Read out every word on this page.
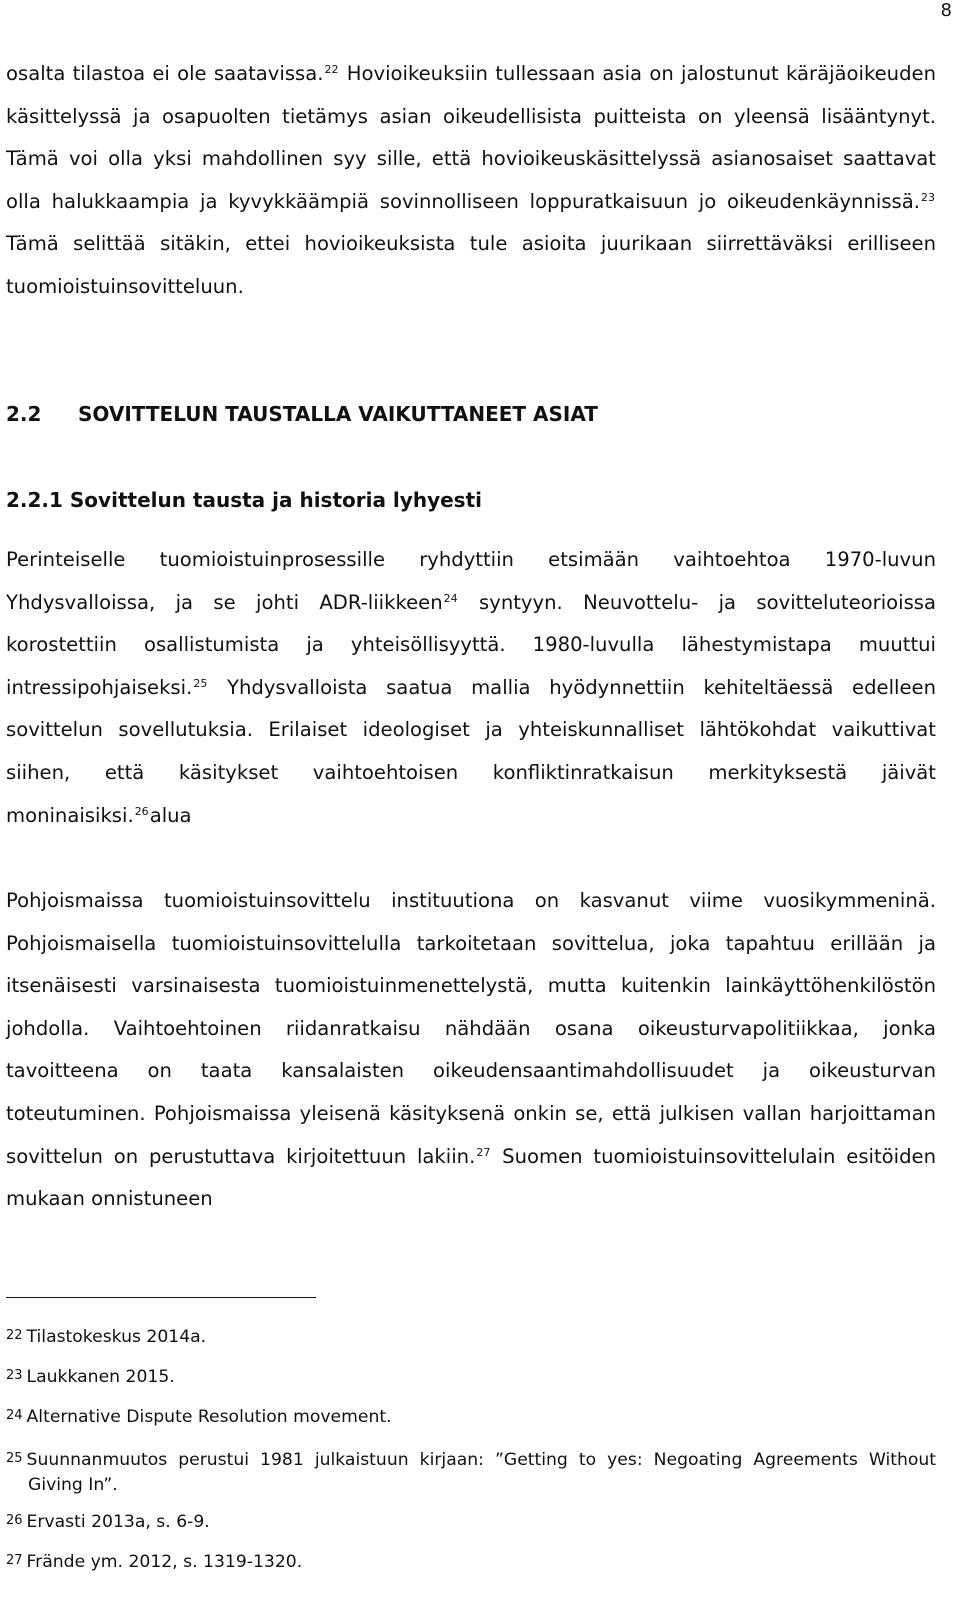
8

osalta tilastoa ei ole saatavissa.$^{22}$ Hovioikeuksiin tullessaan asia on jalostunut käräjäoikeuden käsittelyssä ja osapuolten tietämys asian oikeudellisista puitteista on yleensä lisääntynyt. Tämä voi olla yksi mahdollinen syy sille, että hovioikeuskäsittelyssä asianosaiset saattavat olla halukkaampia ja kyvykkäämpiä sovinnolliseen loppuratkaisuun jo oikeudenkäynnissä.$^{23}$ Tämä selittää sitäkin, ettei hovioikeuksista tule asioita juurikaan siirrettäväksi erilliseen tuomioistuinsovitteluun.

2.2 SOVITTELUN TAUSTALLA VAIKUTTANEET ASIAT
2.2.1 Sovittelun tausta ja historia lyhyesti

Perinteiselle tuomioistuinprosessille ryhdyttiin etsimään vaihtoehtoa 1970-luvun Yhdysvalloissa, ja se johti ADR-liikkeen$^{24}$ syntyyn. Neuvottelu- ja sovitteluteorioissa korostettiin osallistumista ja yhteisöllisyyttä. 1980-luvulla lähestymistapa muuttui intressipohjaiseksi.$^{25}$ Yhdysvalloista saatua mallia hyödynnettiin kehiteltäessä edelleen sovittelun sovellutuksia. Erilaiset ideologiset ja yhteiskunnalliset lähtökohdat vaikuttivat siihen, että käsitykset vaihtoehtoisen konfliktinratkaisun merkityksestä jäivät moninaisiksi.$^{26}$alua

Pohjoismaissa tuomioistuinsovittelu instituutiona on kasvanut viime vuosikymmeninä. Pohjoismaisella tuomioistuinsovittelulla tarkoitetaan sovittelua, joka tapahtuu erillään ja itsenäisesti varsinaisesta tuomioistuinmenettelystä, mutta kuitenkin lainkäyttöhenkilöstön johdolla. Vaihtoehtoinen riidanratkaisu nähdään osana oikeusturvapolitiikkaa, jonka tavoitteena on taata kansalaisten oikeudensaantimahdollisuudet ja oikeusturvan toteutuminen. Pohjoismaissa yleisenä käsityksenä onkin se, että julkisen vallan harjoittaman sovittelun on perustuttava kirjoitettuun lakiin.$^{27}$ Suomen tuomioistuinsovittelulain esitöiden mukaan onnistuneen

22 Tilastokeskus 2014a.

23 Laukkanen 2015.

24 Alternative Dispute Resolution movement.

25 Suunnanmuutos perustui 1981 julkaistuun kirjaan: ”Getting to yes: Negoating Agreements Without Giving In”.

26 Ervasti 2013a, s. 6-9.

27 Frände ym. 2012, s. 1319-1320.
